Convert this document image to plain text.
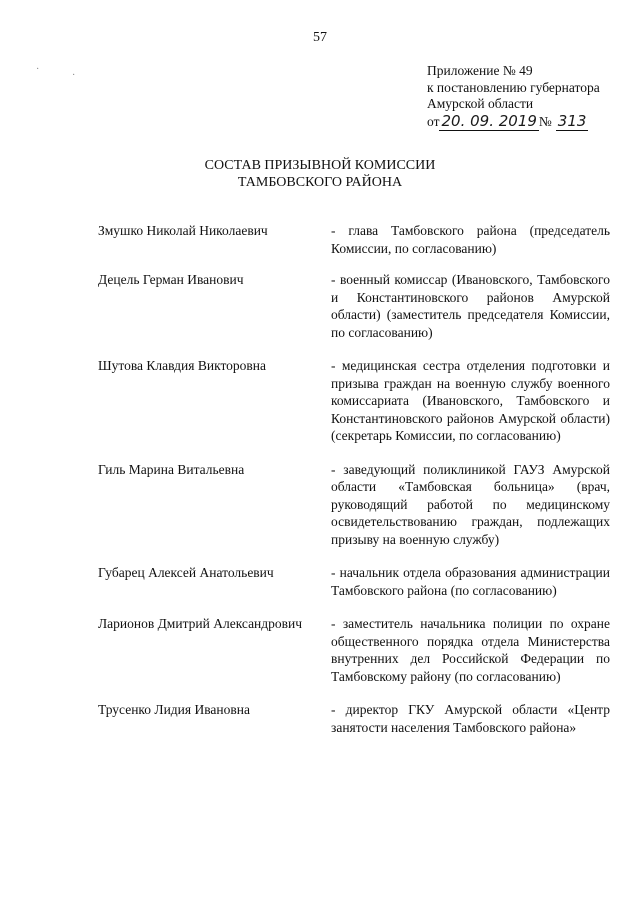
57
·
·	Приложение № 49
к постановлению губернатора
Амурской области
от 20. 09. 2019 № 313
СОСТАВ ПРИЗЫВНОЙ КОМИССИИ
ТАМБОВСКОГО РАЙОНА
Змушко Николай Николаевич	- глава Тамбовского района (председатель Комиссии, по согласованию)
Децель Герман Иванович	- военный комиссар (Ивановского, Тамбовского и Константиновского районов Амурской области) (заместитель председателя Комиссии, по согласованию)
Шутова Клавдия Викторовна	- медицинская сестра отделения подготовки и призыва граждан на военную службу военного комиссариата (Ивановского, Тамбовского и Константиновского районов Амурской области) (секретарь Комиссии, по согласованию)
Гиль Марина Витальевна	- заведующий поликлиникой ГАУЗ Амурской области «Тамбовская больница» (врач, руководящий работой по медицинскому освидетельствованию граждан, подлежащих призыву на военную службу)
Губарец Алексей Анатольевич	- начальник отдела образования администрации Тамбовского района (по согласованию)
Ларионов Дмитрий Александрович	- заместитель начальника полиции по охране общественного порядка отдела Министерства внутренних дел Российской Федерации по Тамбовскому району (по согласованию)
Трусенко Лидия Ивановна	- директор ГКУ Амурской области «Центр занятости населения Тамбовского района»
